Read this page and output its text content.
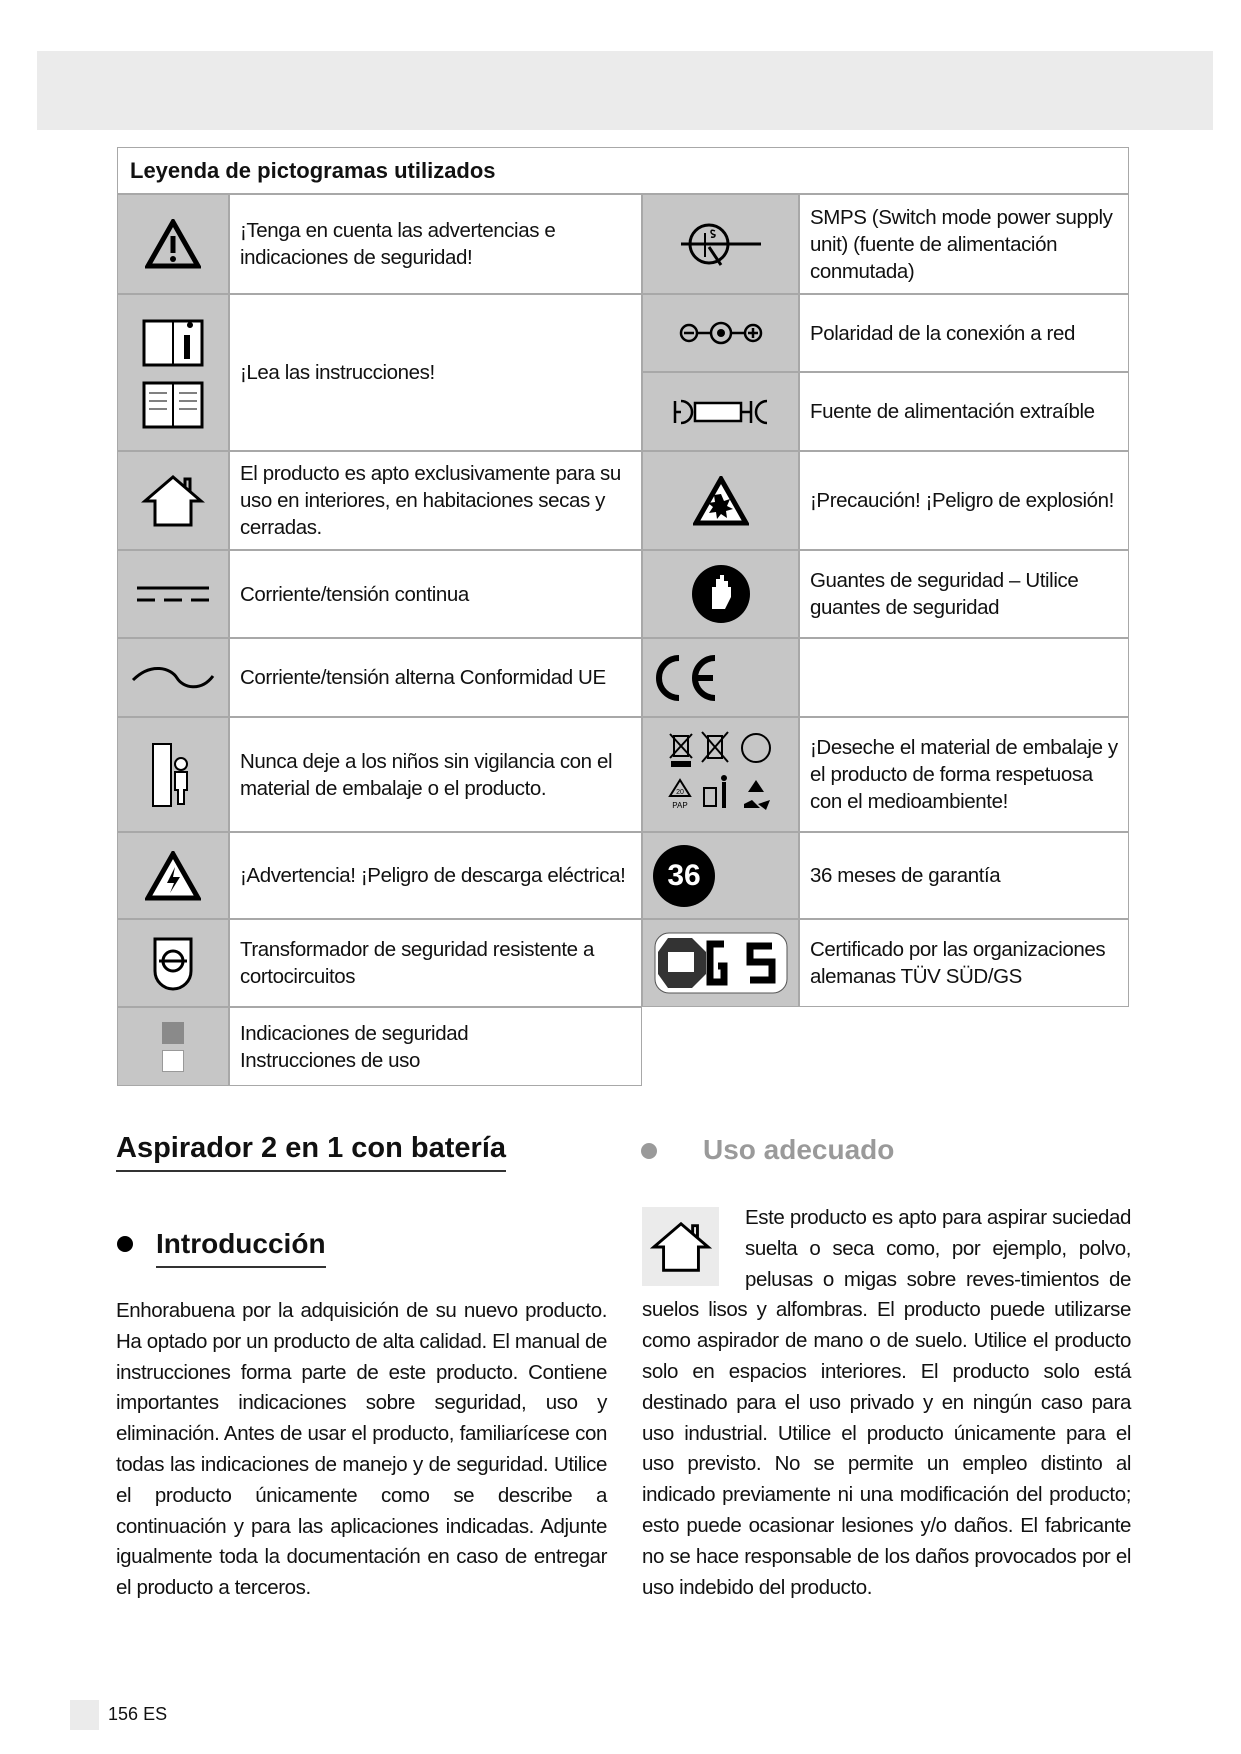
Leyenda de pictogramas utilizados
¡Tenga en cuenta las advertencias e indicaciones de seguridad!
¡Lea las instrucciones!
El producto es apto exclusivamente para su uso en interiores, en habitaciones secas y cerradas.
Corriente/tensión continua
Corriente/tensión alterna Conformidad UE
Nunca deje a los niños sin vigilancia con el material de embalaje o el producto.
¡Advertencia! ¡Peligro de descarga eléctrica!
Transformador de seguridad resistente a cortocircuitos
Indicaciones de seguridad
Instrucciones de uso
SMPS (Switch mode power supply unit) (fuente de alimentación conmutada)
Polaridad de la conexión a red
Fuente de alimentación extraíble
¡Precaución! ¡Peligro de explosión!
Guantes de seguridad – Utilice guantes de seguridad
20
PAP
¡Deseche el material de embalaje y el producto de forma respetuosa con el medioambiente!
36	36 meses de garantía
Certificado por las organizaciones alemanas TÜV SÜD/GS
Aspirador 2 en 1 con batería
Introducción
Enhorabuena por la adquisición de su nuevo producto. Ha optado por un producto de alta calidad. El manual de instrucciones forma parte de este producto. Contiene importantes indicaciones sobre seguridad, uso y eliminación. Antes de usar el producto, familiarícese con todas las indicaciones de manejo y de seguridad. Utilice el producto únicamente como se describe a continuación y para las aplicaciones indicadas. Adjunte igualmente toda la documentación en caso de entregar el producto a terceros.
Uso adecuado
Este producto es apto para aspirar suciedad suelta o seca como, por ejemplo, polvo, pelusas o migas sobre reves-timientos de suelos lisos y alfombras. El producto puede utilizarse como aspirador de mano o de suelo. Utilice el producto solo en espacios interiores. El producto solo está destinado para el uso privado y en ningún caso para uso industrial. Utilice el producto únicamente para el uso previsto. No se permite un empleo distinto al indicado previamente ni una modificación del producto; esto puede ocasionar lesiones y/o daños. El fabricante no se hace responsable de los daños provocados por el uso indebido del producto.
156 ES
